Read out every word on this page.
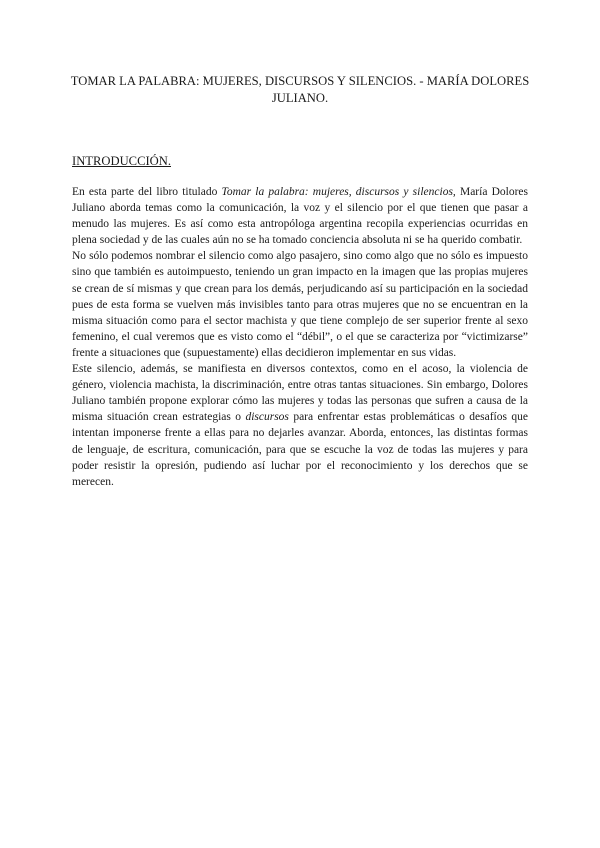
TOMAR LA PALABRA: MUJERES, DISCURSOS Y SILENCIOS. - MARÍA DOLORES JULIANO.
INTRODUCCIÓN.

En esta parte del libro titulado Tomar la palabra: mujeres, discursos y silencios, María Dolores Juliano aborda temas como la comunicación, la voz y el silencio por el que tienen que pasar a menudo las mujeres. Es así como esta antropóloga argentina recopila experiencias ocurridas en plena sociedad y de las cuales aún no se ha tomado conciencia absoluta ni se ha querido combatir.

No sólo podemos nombrar el silencio como algo pasajero, sino como algo que no sólo es impuesto sino que también es autoimpuesto, teniendo un gran impacto en la imagen que las propias mujeres se crean de sí mismas y que crean para los demás, perjudicando así su participación en la sociedad pues de esta forma se vuelven más invisibles tanto para otras mujeres que no se encuentran en la misma situación como para el sector machista y que tiene complejo de ser superior frente al sexo femenino, el cual veremos que es visto como el “débil”, o el que se caracteriza por “victimizarse” frente a situaciones que (supuestamente) ellas decidieron implementar en sus vidas.

Este silencio, además, se manifiesta en diversos contextos, como en el acoso, la violencia de género, violencia machista, la discriminación, entre otras tantas situaciones. Sin embargo, Dolores Juliano también propone explorar cómo las mujeres y todas las personas que sufren a causa de la misma situación crean estrategias o discursos para enfrentar estas problemáticas o desafíos que intentan imponerse frente a ellas para no dejarles avanzar. Aborda, entonces, las distintas formas de lenguaje, de escritura, comunicación, para que se escuche la voz de todas las mujeres y para poder resistir la opresión, pudiendo así luchar por el reconocimiento y los derechos que se merecen.
